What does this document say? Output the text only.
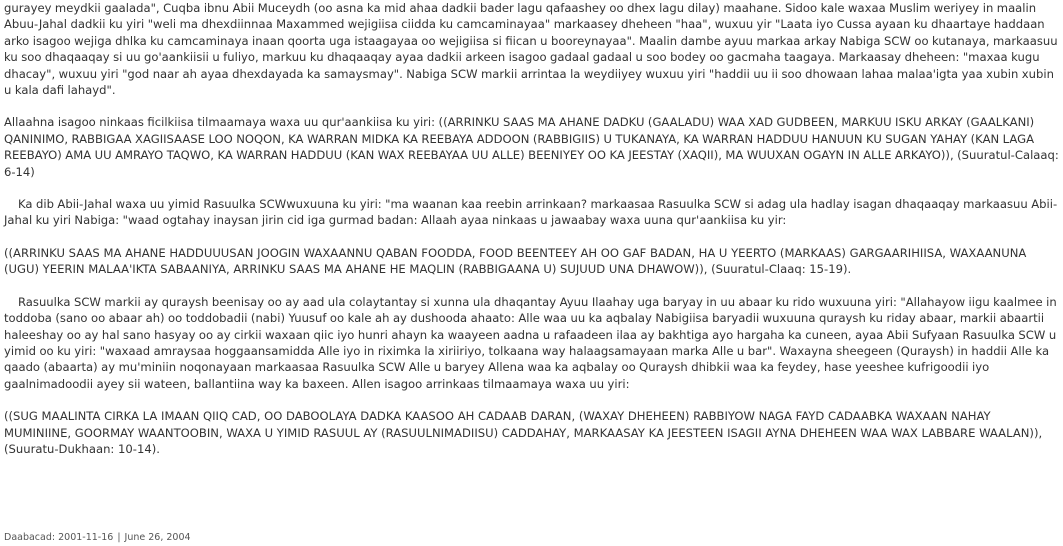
gurayey meydkii gaalada", Cuqba ibnu Abii Muceydh (oo asna ka mid ahaa dadkii bader lagu qafaashey oo dhex lagu dilay) maahane. Sidoo kale waxaa Muslim weriyey in maalin Abuu-Jahal dadkii ku yiri "weli ma dhexdiinnaa Maxammed wejigiisa ciidda ku camcaminayaa" markaasey dheheen "haa", wuxuu yir "Laata iyo Cussa ayaan ku dhaartaye haddaan arko isagoo wejiga dhlka ku camcaminaya inaan qoorta uga istaagayaa oo wejigiisa si fiican u booreynayaa". Maalin dambe ayuu markaa arkay Nabiga SCW oo kutanaya, markaasuu ku soo dhaqaaqay si uu go'aankiisii u fuliyo, markuu ku dhaqaaqay ayaa dadkii arkeen isagoo gadaal gadaal u soo bodey oo gacmaha taagaya. Markaasay dheheen: "maxaa kugu dhacay", wuxuu yiri "god naar ah ayaa dhexdayada ka samaysmay". Nabiga SCW markii arrintaa la weydiiyey wuxuu yiri "haddii uu ii soo dhowaan lahaa malaa'igta yaa xubin xubin u kala dafi lahayd".

Allaahna isagoo ninkaas ficilkiisa tilmaamaya waxa uu qur'aankiisa ku yiri: ((ARRINKU SAAS MA AHANE DADKU (GAALADU) WAA XAD GUDBEEN, MARKUU ISKU ARKAY (GAALKANI) QANINIMO, RABBIGAA XAGIISAASE LOO NOQON, KA WARRAN MIDKA KA REEBAYA ADDOON (RABBIGIIS) U TUKANAYA, KA WARRAN HADDUU HANUUN KU SUGAN YAHAY (KAN LAGA REEBAYO) AMA UU AMRAYO TAQWO, KA WARRAN HADDUU (KAN WAX REEBAYAA UU ALLE) BEENIYEY OO KA JEESTAY (XAQII), MA WUUXAN OGAYN IN ALLE ARKAYO)), (Suuratul-Calaaq: 6-14)

Ka dib Abii-Jahal waxa uu yimid Rasuulka SCWwuxuuna ku yiri: "ma waanan kaa reebin arrinkaan? markaasaa Rasuulka SCW si adag ula hadlay isagan dhaqaaqay markaasuu Abii-Jahal ku yiri Nabiga: "waad ogtahay inaysan jirin cid iga gurmad badan: Allaah ayaa ninkaas u jawaabay waxa uuna qur'aankiisa ku yir:

((ARRINKU SAAS MA AHANE HADDUUUSAN JOOGIN WAXAANNU QABAN FOODDA, FOOD BEENTEEY AH OO GAF BADAN, HA U YEERTO (MARKAAS) GARGAARIHIISA, WAXAANUNA (UGU) YEERIN MALAA'IKTA SABAANIYA, ARRINKU SAAS MA AHANE HE MAQLIN (RABBIGAANA U) SUJUUD UNA DHAWOW)), (Suuratul-Claaq: 15-19).

Rasuulka SCW markii ay quraysh beenisay oo ay aad ula colaytantay si xunna ula dhaqantay Ayuu Ilaahay uga baryay in uu abaar ku rido wuxuuna yiri: "Allahayow iigu kaalmee in toddoba (sano oo abaar ah) oo toddobadii (nabi) Yuusuf oo kale ah ay dushooda ahaato: Alle waa uu ka aqbalay Nabigiisa baryadii wuxuuna quraysh ku riday abaar, markii abaartii haleeshay oo ay hal sano hasyay oo ay cirkii waxaan qiic iyo hunri ahayn ka waayeen aadna u rafaadeen ilaa ay bakhtiga ayo hargaha ka cuneen, ayaa Abii Sufyaan Rasuulka SCW u yimid oo ku yiri: "waxaad amraysaa hoggaansamidda Alle iyo in riximka la xiriiriyo, tolkaana way halaagsamayaan marka Alle u bar". Waxayna sheegeen (Quraysh) in haddii Alle ka qaado (abaarta) ay mu'miniin noqonayaan markaasaa Rasuulka SCW Alle u baryey Allena waa ka aqbalay oo Quraysh dhibkii waa ka feydey, hase yeeshee kufrigoodii iyo gaalnimadoodii ayey sii wateen, ballantiina way ka baxeen. Allen isagoo arrinkaas tilmaamaya waxa uu yiri:

((SUG MAALINTA CIRKA LA IMAAN QIIQ CAD, OO DABOOLAYA DADKA KAASOO AH CADAAB DARAN, (WAXAY DHEHEEN) RABBIYOW NAGA FAYD CADAABKA WAXAAN NAHAY MUMINIINE, GOORMAY WAANTOOBIN, WAXA U YIMID RASUUL AY (RASUULNIMADIISU) CADDAHAY, MARKAASAY KA JEESTEEN ISAGII AYNA DHEHEEN WAA WAX LABBARE WAALAN)), (Suuratu-Dukhaan: 10-14).

Daabacad: 2001-11-16 | June 26, 2004
